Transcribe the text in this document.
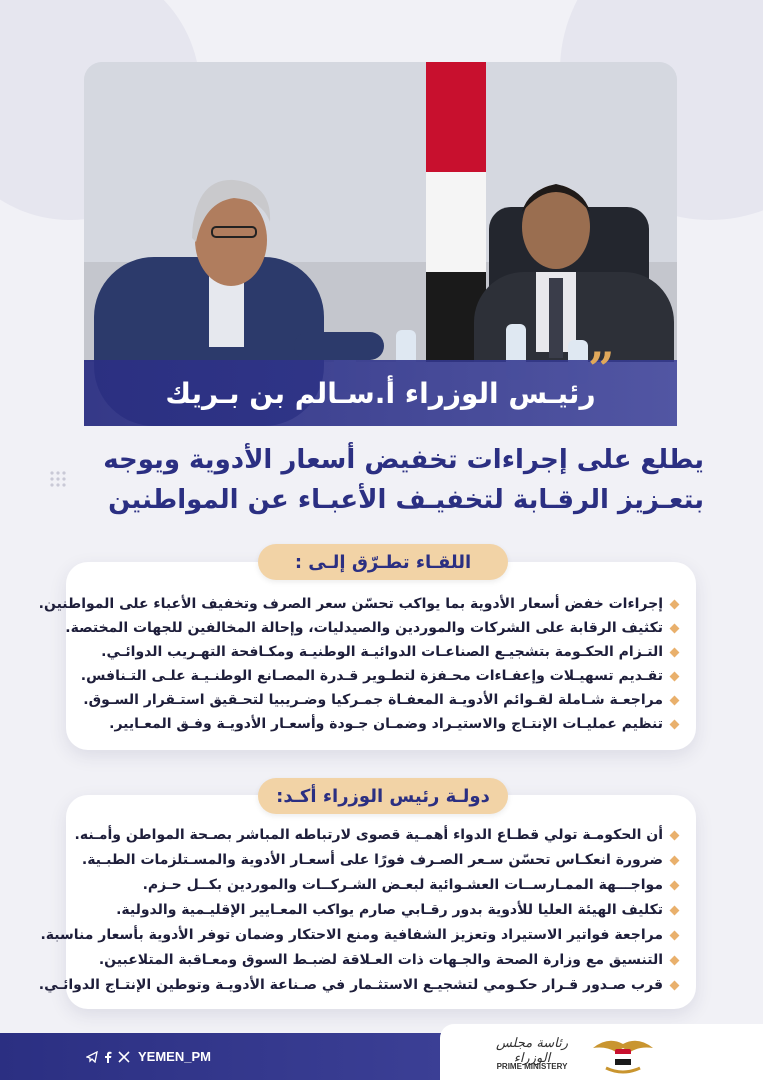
رئيـس الوزراء أ.سـالم بن بـريك
”
يطلع على إجراءات تخفيض أسعار الأدوية ويوجه
بتعـزيز الرقـابة لتخفيـف الأعبـاء عن المواطنين
إجراءات خفض أسعار الأدوية بما يواكب تحسّن سعر الصرف وتخفيف الأعباء على المواطنين.
تكثيف الرقابة على الشركات والموردين والصيدليات، وإحالة المخالفين للجهات المختصة.
التـزام الحكـومة بتشجيـع الصناعـات الدوائيـة الوطنيـة ومكـافحة التهـريب الدوائـي.
تقـديم تسهيـلات وإعفـاءات محـفزة لتطـوير قـدرة المصـانع الوطنـيـة علـى التـنافس.
مراجعـة شـاملة لقـوائم الأدويـة المعفـاة جمـركيا وضـريبيا لتحـقيق استـقرار السـوق.
تنظيم عمليـات الإنتـاج والاستيـراد وضمـان جـودة وأسعـار الأدويـة وفـق المعـايير.
اللقـاء تطـرّق إلـى :
أن الحكومـة تولي قطـاع الدواء أهمـية قصوى لارتباطه المباشر بصـحة المواطن وأمـنه.
ضرورة انعكـاس تحسّن سـعر الصـرف فورًا على أسعـار الأدوية والمسـتلزمات الطبـية.
مواجـــهة الممـارســات العشـوائية لبعـض الشـركــات والموردين بكــل حـزم.
تكليف الهيئة العليا للأدوية بدور رقـابي صارم يواكب المعـايير الإقليـمية والدولية.
مراجعة فواتير الاستيراد وتعزيز الشفافية ومنع الاحتكار وضمان توفر الأدوية بأسعار مناسبة.
التنسيق مع وزارة الصحة والجـهات ذات العـلاقة لضبـط السوق ومعـاقبة المتلاعبين.
قرب صـدور قـرار حكـومي لتشجيـع الاستثـمار في صـناعة الأدويـة وتوطين الإنتـاج الدوائـي.
دولـة رئيس الوزراء أكـد:
YEMEN_PM
رئاسة مجلس الوزراء
PRIME MINISTERY
